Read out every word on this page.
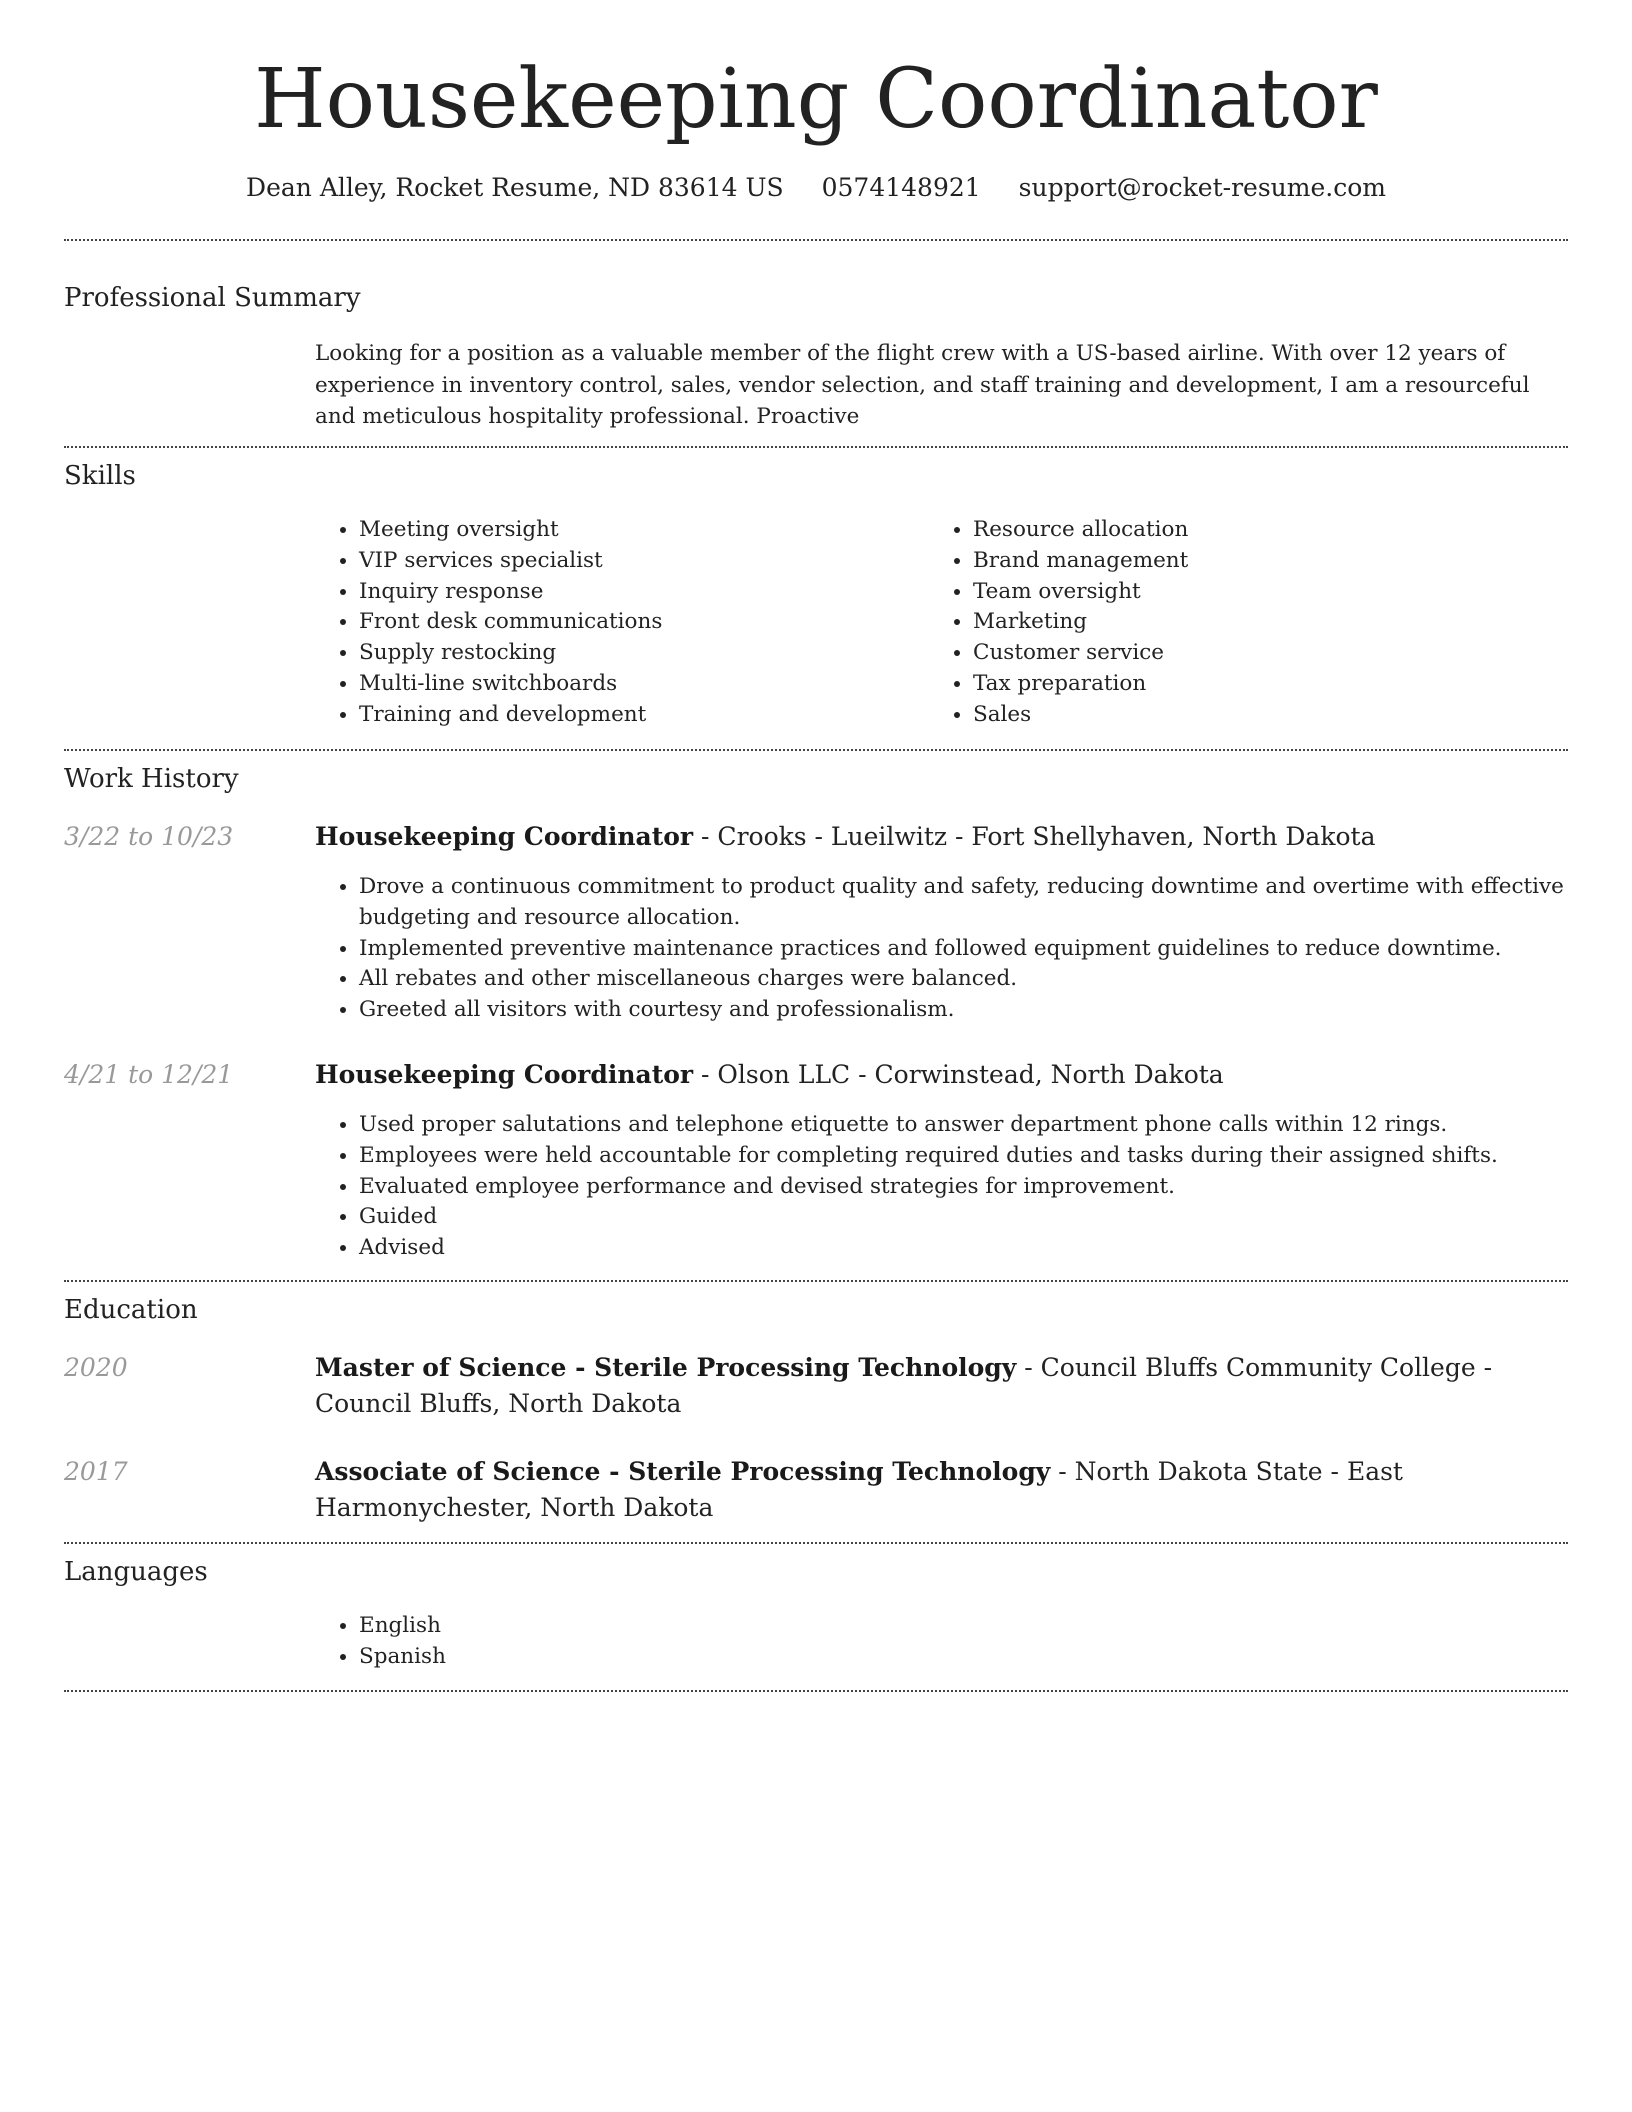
Housekeeping Coordinator
Dean Alley, Rocket Resume, ND 83614 US 0574148921 support@rocket-resume.com
Professional Summary

Looking for a position as a valuable member of the flight crew with a US-based airline. With over 12 years of experience in inventory control, sales, vendor selection, and staff training and development, I am a resourceful and meticulous hospitality professional. Proactive

Skills
• Meeting oversight
• VIP services specialist
• Inquiry response
• Front desk communications
• Supply restocking
• Multi-line switchboards
• Training and development
• Resource allocation
• Brand management
• Team oversight
• Marketing
• Customer service
• Tax preparation
• Sales
Work History
3/22 to 10/23	Housekeeping Coordinator - Crooks - Lueilwitz - Fort Shellyhaven, North Dakota
• Drove a continuous commitment to product quality and safety, reducing downtime and overtime with effective budgeting and resource allocation.
• Implemented preventive maintenance practices and followed equipment guidelines to reduce downtime.
• All rebates and other miscellaneous charges were balanced.
• Greeted all visitors with courtesy and professionalism.
4/21 to 12/21	Housekeeping Coordinator - Olson LLC - Corwinstead, North Dakota
• Used proper salutations and telephone etiquette to answer department phone calls within 12 rings.
• Employees were held accountable for completing required duties and tasks during their assigned shifts.
• Evaluated employee performance and devised strategies for improvement.
• Guided
• Advised
Education
2020	Master of Science - Sterile Processing Technology - Council Bluffs Community College - Council Bluffs, North Dakota
2017	Associate of Science - Sterile Processing Technology - North Dakota State - East Harmonychester, North Dakota
Languages
• English
• Spanish
